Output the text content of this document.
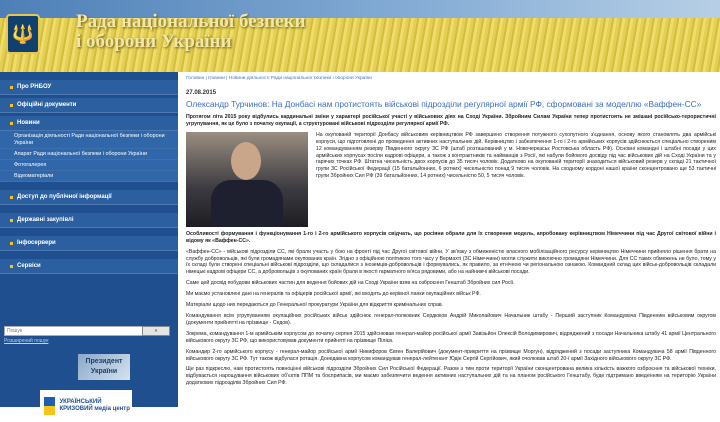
🔱
Рада національної безпеки
і оборони України
Про РНБОУ
Офіційні документи
Новини
Організація діяльності Ради національної безпеки і оборони України
Апарат Ради національної безпеки і оборони України
Фотогалерея
Відеоматеріали
Доступ до публічної інформації
Державні закупівлі
Інфосервери
Сервіси
Пошук
»
Розширений пошук
Президент України
УКРАЇНСЬКИЙ КРИЗОВИЙ медіа центр
Головна | Новини | Новини діяльності Ради національної безпеки і оборони України
27.08.2015
Олександр Турчинов: На Донбасі нам протистоять військові підрозділи регулярної армії РФ, сформовані за моделлю «Ваффен-СС»

Протягом літа 2015 року відбулись кардинальні зміни у характері російської участі у військових діях на Сході України. Збройним Силам України тепер протистоять не змішані російсько-терористичні угрупування, як це було з початку окупації, а структуровані військові підрозділи регулярної армії РФ.

На окупованій території Донбасу військовим керівництвом РФ завершено створення потужного сухопутного з'єднання, основу якого становлять два армійські корпуси, що підготовлені до проведення активних наступальних дій. Керівництво і забезпечення 1-го і 2-го армійських корпусів здійснюється спеціально створеним 12 командуванням резерву Південного округу ЗС РФ (штаб розташований у м. Новочеркаськ Ростовська область РФ). Основні командні і штабні посади у цих армійських корпусах посіли кадрові офіцери, а також з контрактників та найманців з Росії, які набули бойового досвіду під час військових дій на Сході України та у гарячих точках РФ. Штатна чисельність двох корпусів до 35 тисяч чоловік. Додатково на окупованій території знаходиться військовий резерв у складі 21 тактичної групи ЗС Російської Федерації (15 батальйонних, 6 ротних) чисельністю понад 9 тисяч чоловік. На сходному кордоні нашої країни сконцентровано ще 53 тактичні групи Збройних Сил РФ (39 батальйонних, 14 ротних) чисельністю 50, 5 тисяч чоловік.

Особливості формування і функціонування 1-го і 2-го армійського корпусів свідчать, що росіяни обрали для їх створення модель, апробовану керівництвом Німеччини під час Другої світової війни і відому як «Ваффен-СС».

«Ваффен-СС» - військові підрозділи СС, які брали участь у бою на фронті під час Другої світової війни. У зв'язку з обмеженістю власного мобілізаційного ресурсу керівництво Німеччини прийняло рішення брати на службу добровольців, які були громадянами окупованих країн. Згідно з офіційною політикою того часу у Вермахті (ЗС Німеччини) могли служити виключно громадяни Німеччини. Для СС таких обмежень не було, тому у їх складі були створені спеціальні військові підрозділи, що складалися з іноземців-добровольців і формувались, як правило, за етнічною чи регіональною ознакою. Командний склад цих військ-добровольців складали німецькі кадрові офіцери СС, а добровольців з окупованих країн брали в якості гарматного м'яса рядовими, або на найнижчі військові посади.

Саме цей досвід побудови військових частин для ведення бойових дій на Сході України взяв на озброєння Генштаб Збройних сил Росії.

Ми маємо установлені дані на генералів та офіцерів російської армії, які входять до керівної ланки окупаційних військ РФ.

Матеріали щодо них передаються до Генеральної прокуратури України для відкриття кримінальних справ.

Командування всім угрупуванням окупаційних російських військ здійснює генерал-полковник Сердюков Андрій Миколайович Начальник штабу - Перший заступник Командувача Південним військовим округом (документи прийнятті на прізвище - Седов).

Зокрема, командування 1-м армійським корпусом до початку серпня 2015 здійснював генерал-майор російської армії Завізьйон Олексій Володимирович, відряджений з посади Начальника штабу 41 армії Центрального військового округу ЗС РФ, що використовував документи прийняті на прізвище Пілієв.

Командир 2-го армійського корпусу - генерал-майор російської армії Никифоров Євген Валерійович (документ-прикриття на прізвище Моргун), відряджений з посади заступника Командувача 58 армії Південного військового округу ЗС РФ. Тут також відбулася ротація. Донедавна корпусом командував генерал-лейтенант Юдін Сергій Сергійович, який очолював штаб 20-ї армії Західного військового округу ЗС РФ.

Ще раз підкреслю, нам протистоять повноцінні військові підрозділи Збройних Сил Російської Федерації. Разом з тим проти території України сконцентрована велика кількість важкого озброєння та військової техніки, відбувається нарощування військових об'єктів ППМ та боєприпасів, ми маємо забезпечити ведення активних наступальних дій та на планом російського Генштабу, буде підтримано введенням на територію України додаткових підрозділів Збройних Сил РФ.
